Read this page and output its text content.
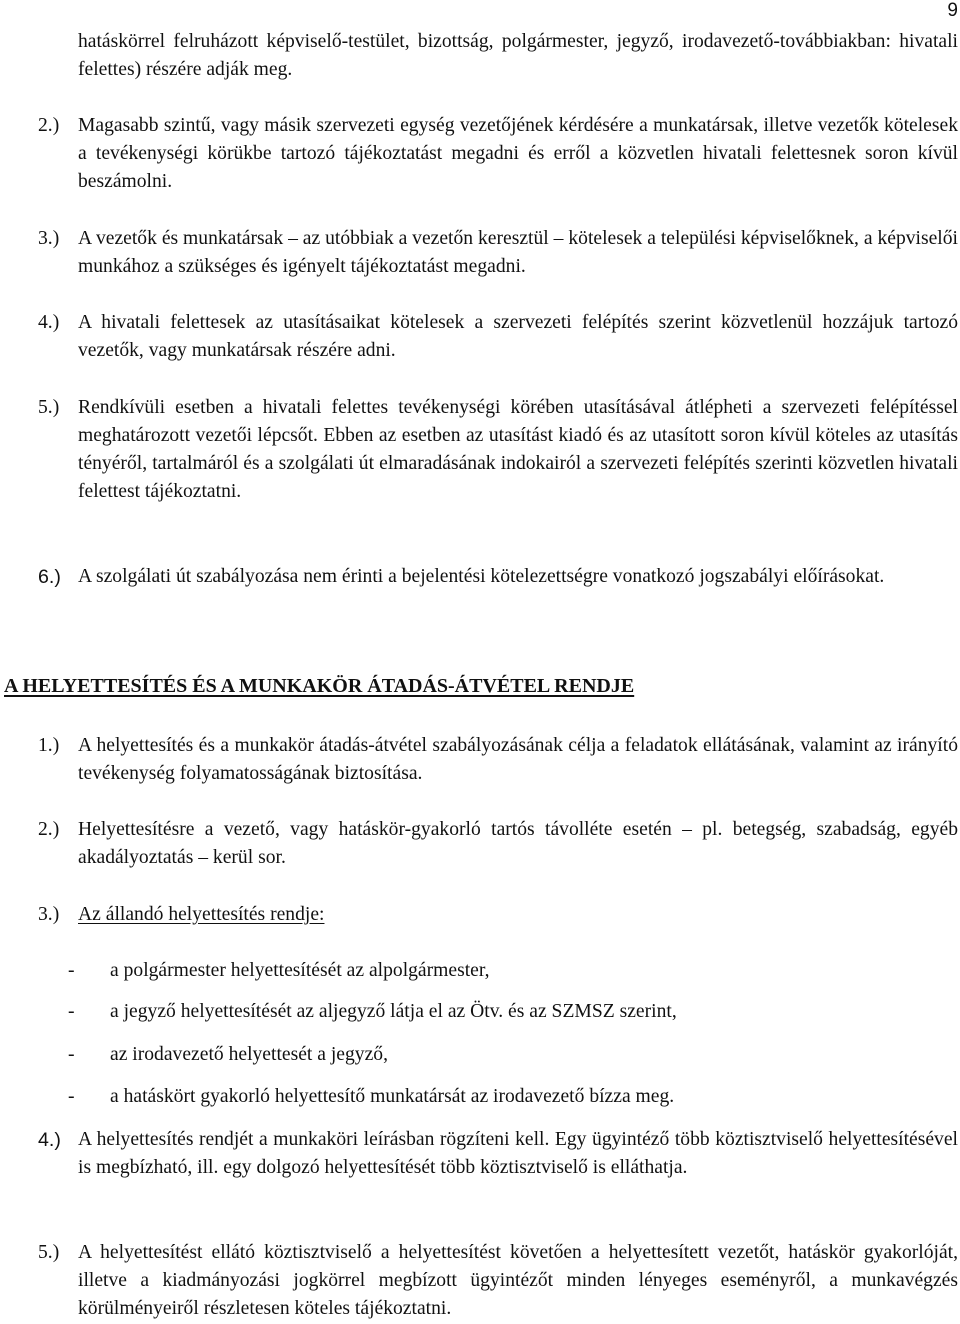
9
hatáskörrel felruházott képviselő-testület, bizottság, polgármester, jegyző, irodavezető-továbbiakban: hivatali felettes) részére adják meg.
2.) Magasabb szintű, vagy másik szervezeti egység vezetőjének kérdésére a munkatársak, illetve vezetők kötelesek a tevékenységi körükbe tartozó tájékoztatást megadni és erről a közvetlen hivatali felettesnek soron kívül beszámolni.
3.) A vezetők és munkatársak – az utóbbiak a vezetőn keresztül – kötelesek a települési képviselőknek, a képviselői munkához a szükséges és igényelt tájékoztatást megadni.
4.) A hivatali felettesek az utasításaikat kötelesek a szervezeti felépítés szerint közvetlenül hozzájuk tartozó vezetők, vagy munkatársak részére adni.
5.) Rendkívüli esetben a hivatali felettes tevékenységi körében utasításával átlépheti a szervezeti felépítéssel meghatározott vezetői lépcsőt. Ebben az esetben az utasítást kiadó és az utasított soron kívül köteles az utasítás tényéről, tartalmáról és a szolgálati út elmaradásának indokairól a szervezeti felépítés szerinti közvetlen hivatali felettest tájékoztatni.
6.) A szolgálati út szabályozása nem érinti a bejelentési kötelezettségre vonatkozó jogszabályi előírásokat.
A HELYETTESÍTÉS ÉS A MUNKAKÖR ÁTADÁS-ÁTVÉTEL RENDJE
1.) A helyettesítés és a munkakör átadás-átvétel szabályozásának célja a feladatok ellátásának, valamint az irányító tevékenység folyamatosságának biztosítása.
2.) Helyettesítésre a vezető, vagy hatáskör-gyakorló tartós távolléte esetén – pl. betegség, szabadság, egyéb akadályoztatás – kerül sor.
3.) Az állandó helyettesítés rendje:
- a polgármester helyettesítését az alpolgármester,
- a jegyző helyettesítését az aljegyző látja el az Ötv. és az SZMSZ szerint,
- az irodavezető helyettesét a jegyző,
- a hatáskört gyakorló helyettesítő munkatársát az irodavezető bízza meg.
4.) A helyettesítés rendjét a munkaköri leírásban rögzíteni kell. Egy ügyintéző több köztisztviselő helyettesítésével is megbízható, ill. egy dolgozó helyettesítését több köztisztviselő is elláthatja.
5.) A helyettesítést ellátó köztisztviselő a helyettesítést követően a helyettesített vezetőt, hatáskör gyakorlóját, illetve a kiadmányozási jogkörrel megbízott ügyintézőt minden lényeges eseményről, a munkavégzés körülményeiről részletesen köteles tájékoztatni.
